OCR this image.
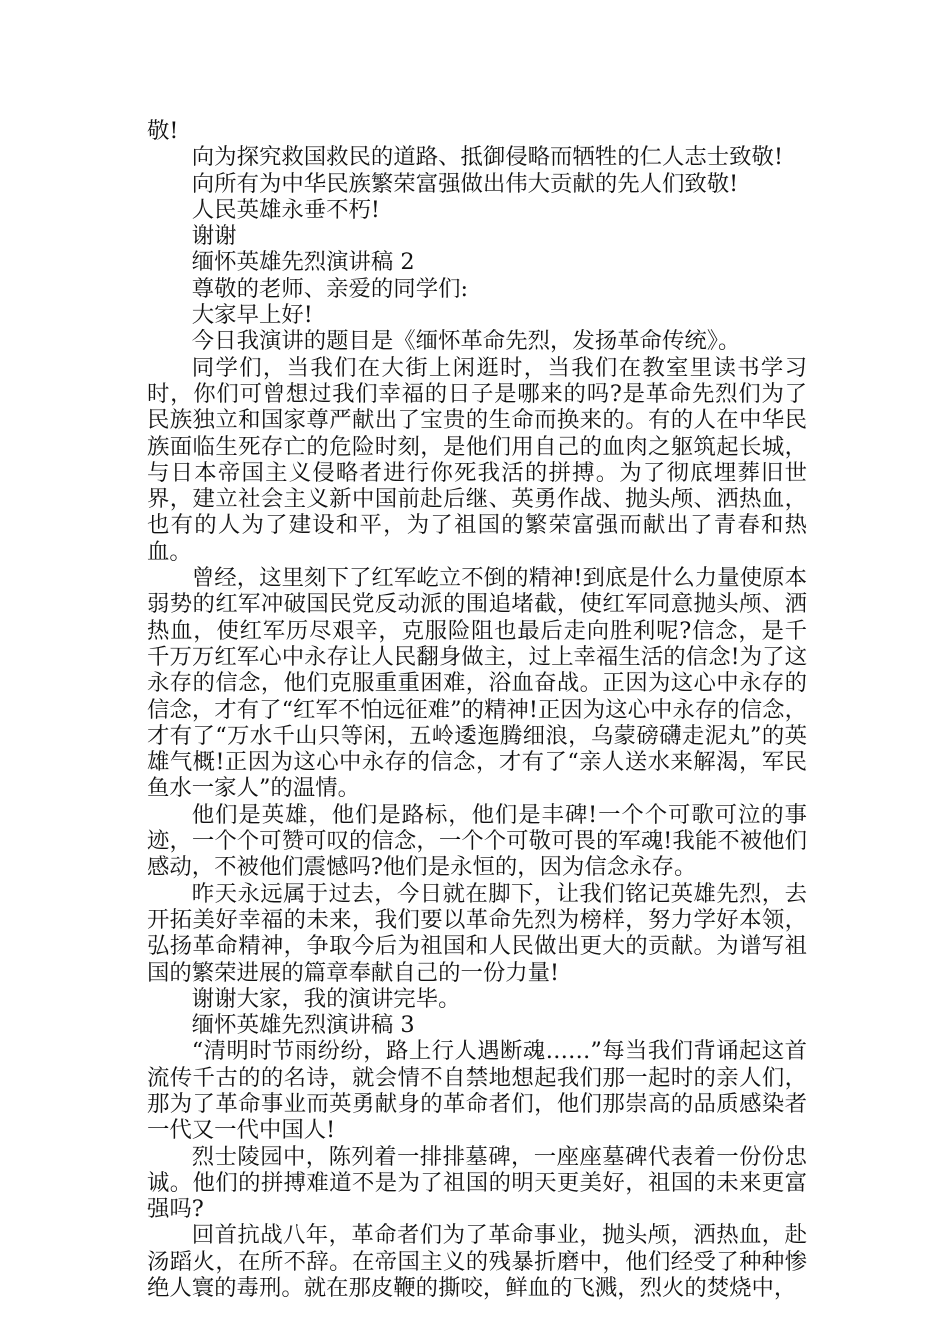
敬!

向为探究救国救民的道路、抵御侵略而牺牲的仁人志士致敬!

向所有为中华民族繁荣富强做出伟大贡献的先人们致敬!

人民英雄永垂不朽!

谢谢

缅怀英雄先烈演讲稿 2

尊敬的老师、亲爱的同学们:

大家早上好!

今日我演讲的题目是《缅怀革命先烈，发扬革命传统》。

同学们，当我们在大街上闲逛时，当我们在教室里读书学习时，你们可曾想过我们幸福的日子是哪来的吗?是革命先烈们为了民族独立和国家尊严献出了宝贵的生命而换来的。有的人在中华民族面临生死存亡的危险时刻，是他们用自己的血肉之躯筑起长城，与日本帝国主义侵略者进行你死我活的拼搏。为了彻底埋葬旧世界，建立社会主义新中国前赴后继、英勇作战、抛头颅、洒热血，也有的人为了建设和平，为了祖国的繁荣富强而献出了青春和热血。

曾经，这里刻下了红军屹立不倒的精神!到底是什么力量使原本弱势的红军冲破国民党反动派的围追堵截，使红军同意抛头颅、洒热血，使红军历尽艰辛，克服险阻也最后走向胜利呢?信念，是千千万万红军心中永存让人民翻身做主，过上幸福生活的信念!为了这永存的信念，他们克服重重困难，浴血奋战。正因为这心中永存的信念，才有了“红军不怕远征难”的精神!正因为这心中永存的信念，才有了“万水千山只等闲，五岭逶迤腾细浪，乌蒙磅礴走泥丸”的英雄气概!正因为这心中永存的信念，才有了“亲人送水来解渴，军民鱼水一家人”的温情。

他们是英雄，他们是路标，他们是丰碑!一个个可歌可泣的事迹，一个个可赞可叹的信念，一个个可敬可畏的军魂!我能不被他们感动，不被他们震憾吗?他们是永恒的，因为信念永存。

昨天永远属于过去，今日就在脚下，让我们铭记英雄先烈，去开拓美好幸福的未来，我们要以革命先烈为榜样，努力学好本领，弘扬革命精神，争取今后为祖国和人民做出更大的贡献。为谱写祖国的繁荣进展的篇章奉献自己的一份力量!

谢谢大家，我的演讲完毕。

缅怀英雄先烈演讲稿 3

“清明时节雨纷纷，路上行人遇断魂……”每当我们背诵起这首流传千古的的名诗，就会情不自禁地想起我们那一起时的亲人们，那为了革命事业而英勇献身的革命者们，他们那崇高的品质感染者一代又一代中国人!

烈士陵园中，陈列着一排排墓碑，一座座墓碑代表着一份份忠诚。他们的拼搏难道不是为了祖国的明天更美好，祖国的未来更富强吗?

回首抗战八年，革命者们为了革命事业，抛头颅，洒热血，赴汤蹈火，在所不辞。在帝国主义的残暴折磨中，他们经受了种种惨绝人寰的毒刑。就在那皮鞭的撕咬，鲜血的飞溅，烈火的焚烧中，
